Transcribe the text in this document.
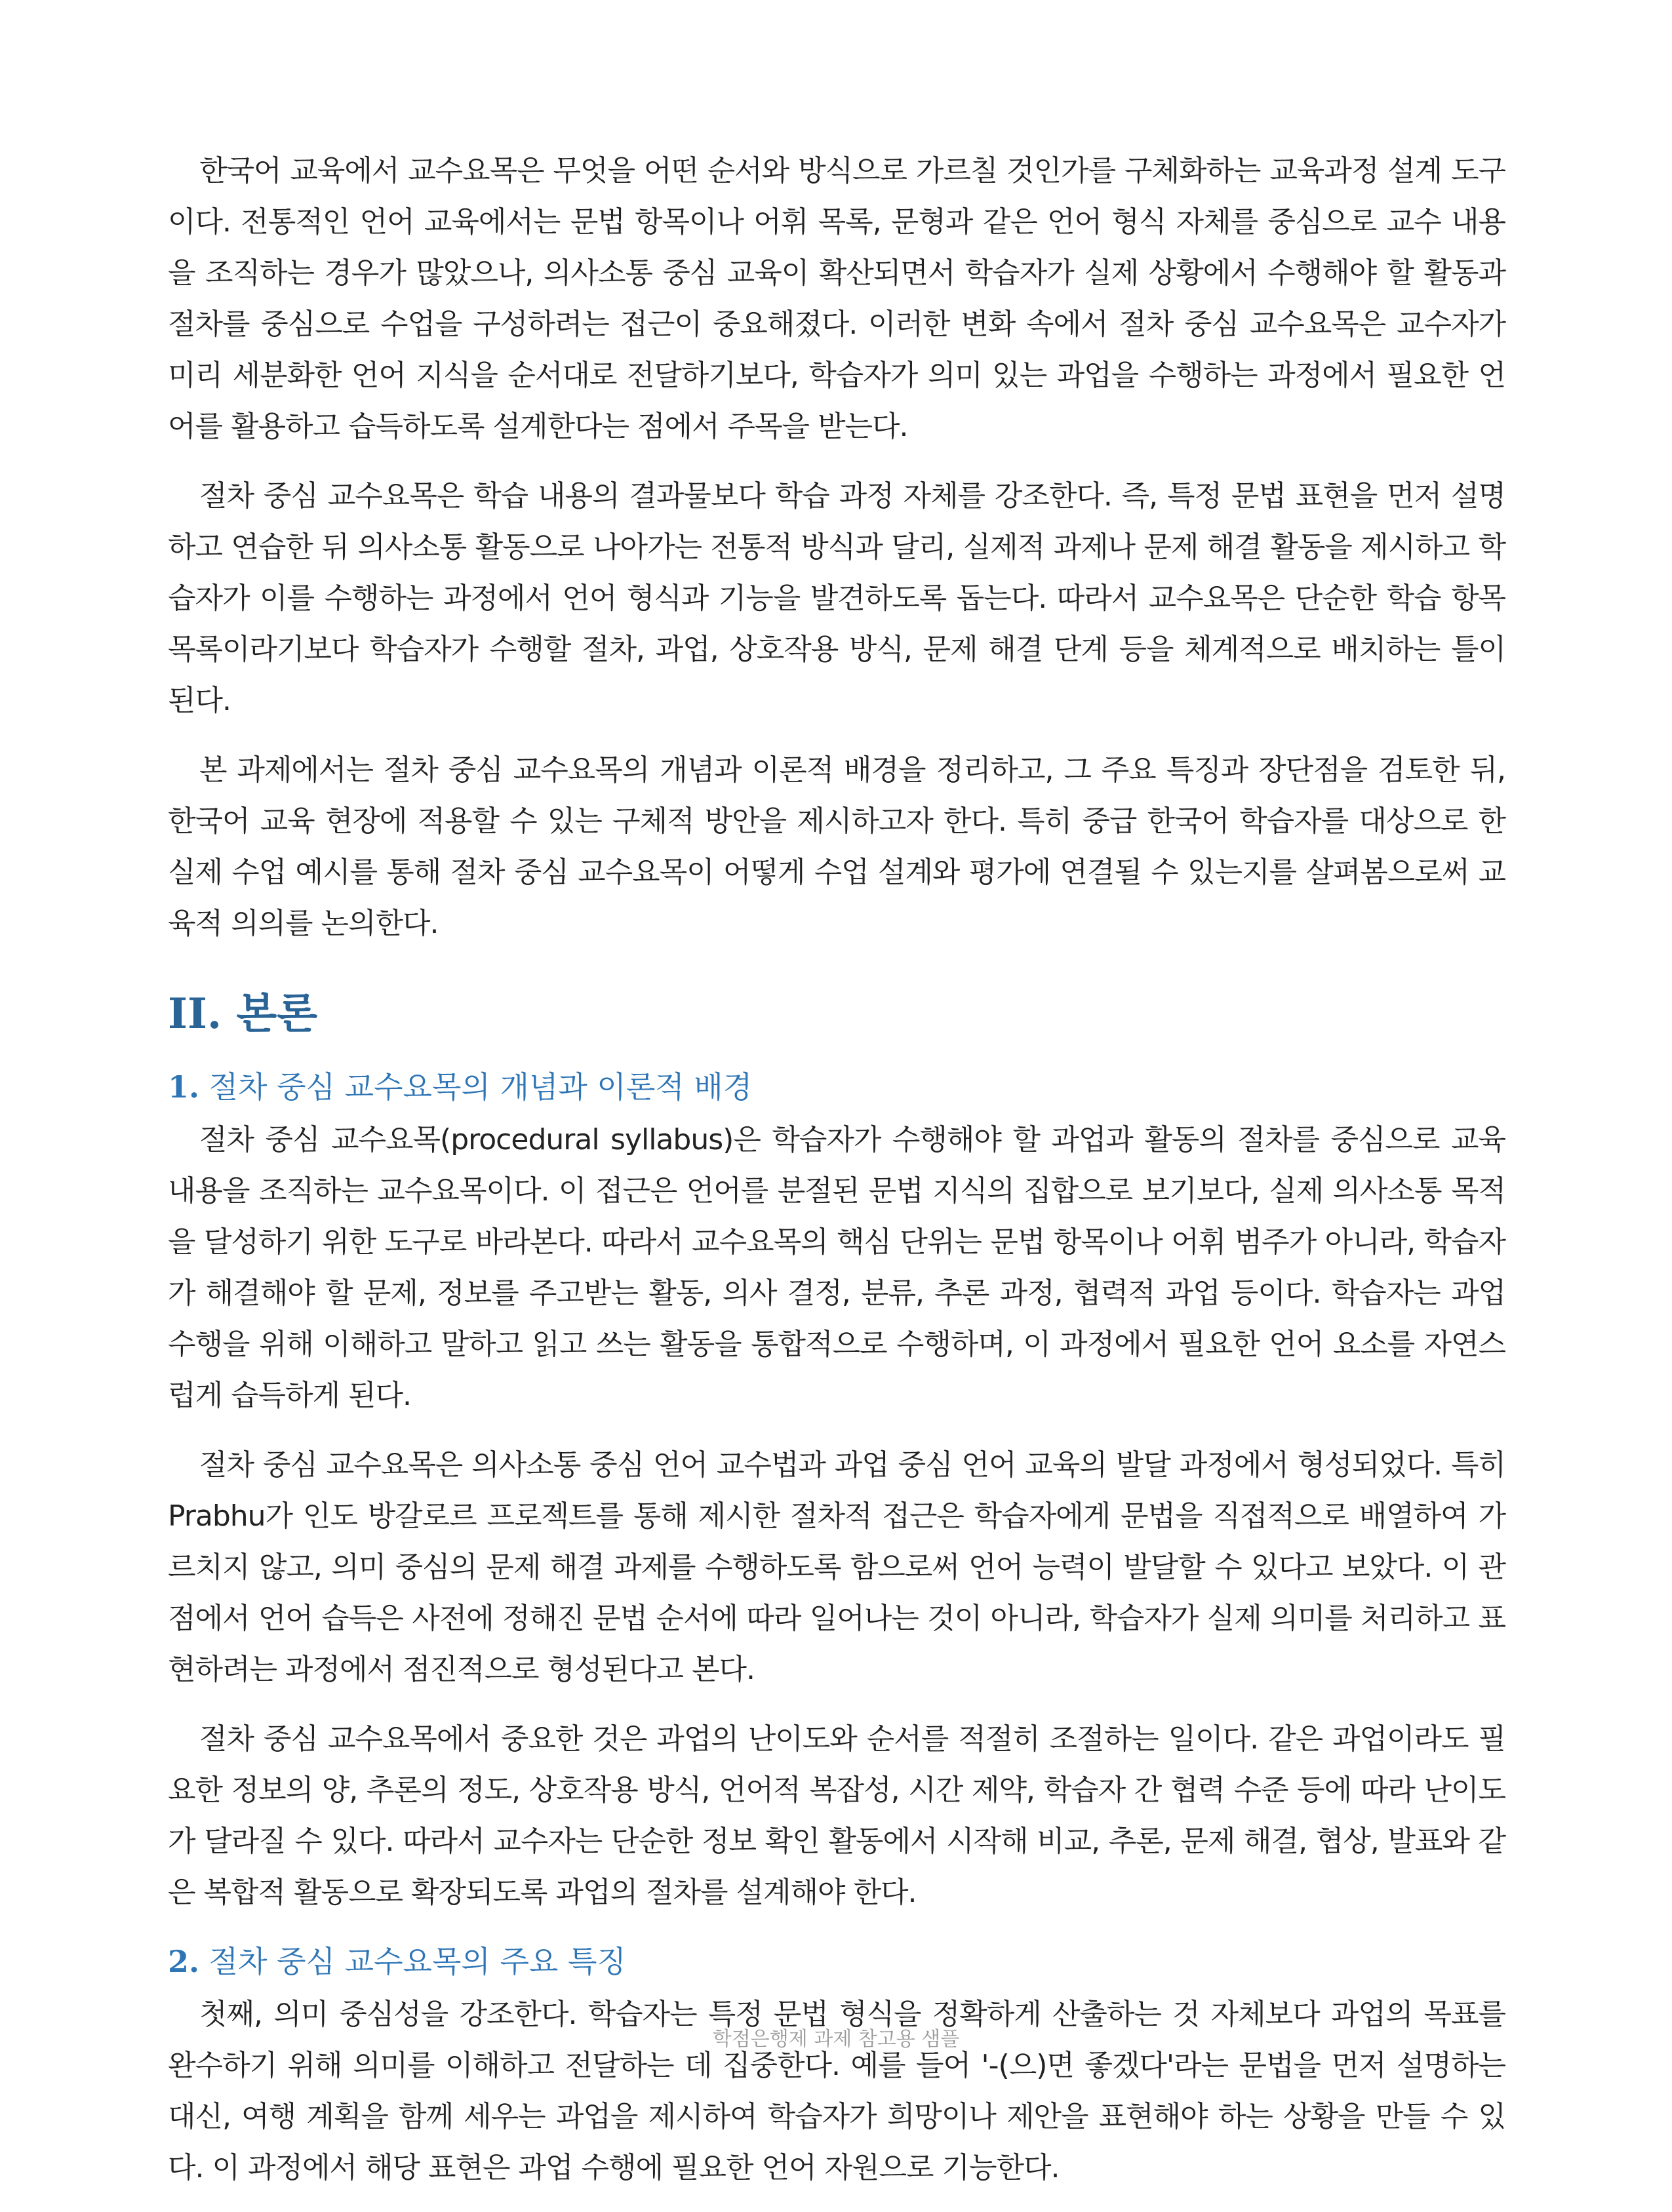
한국어 교육에서 교수요목은 무엇을 어떤 순서와 방식으로 가르칠 것인가를 구체화하는 교육과정 설계 도구이다. 전통적인 언어 교육에서는 문법 항목이나 어휘 목록, 문형과 같은 언어 형식 자체를 중심으로 교수 내용을 조직하는 경우가 많았으나, 의사소통 중심 교육이 확산되면서 학습자가 실제 상황에서 수행해야 할 활동과 절차를 중심으로 수업을 구성하려는 접근이 중요해졌다. 이러한 변화 속에서 절차 중심 교수요목은 교수자가 미리 세분화한 언어 지식을 순서대로 전달하기보다, 학습자가 의미 있는 과업을 수행하는 과정에서 필요한 언어를 활용하고 습득하도록 설계한다는 점에서 주목을 받는다.

절차 중심 교수요목은 학습 내용의 결과물보다 학습 과정 자체를 강조한다. 즉, 특정 문법 표현을 먼저 설명하고 연습한 뒤 의사소통 활동으로 나아가는 전통적 방식과 달리, 실제적 과제나 문제 해결 활동을 제시하고 학습자가 이를 수행하는 과정에서 언어 형식과 기능을 발견하도록 돕는다. 따라서 교수요목은 단순한 학습 항목 목록이라기보다 학습자가 수행할 절차, 과업, 상호작용 방식, 문제 해결 단계 등을 체계적으로 배치하는 틀이 된다.

본 과제에서는 절차 중심 교수요목의 개념과 이론적 배경을 정리하고, 그 주요 특징과 장단점을 검토한 뒤, 한국어 교육 현장에 적용할 수 있는 구체적 방안을 제시하고자 한다. 특히 중급 한국어 학습자를 대상으로 한 실제 수업 예시를 통해 절차 중심 교수요목이 어떻게 수업 설계와 평가에 연결될 수 있는지를 살펴봄으로써 교육적 의의를 논의한다.

II. 본론
1. 절차 중심 교수요목의 개념과 이론적 배경

절차 중심 교수요목(procedural syllabus)은 학습자가 수행해야 할 과업과 활동의 절차를 중심으로 교육 내용을 조직하는 교수요목이다. 이 접근은 언어를 분절된 문법 지식의 집합으로 보기보다, 실제 의사소통 목적을 달성하기 위한 도구로 바라본다. 따라서 교수요목의 핵심 단위는 문법 항목이나 어휘 범주가 아니라, 학습자가 해결해야 할 문제, 정보를 주고받는 활동, 의사 결정, 분류, 추론 과정, 협력적 과업 등이다. 학습자는 과업 수행을 위해 이해하고 말하고 읽고 쓰는 활동을 통합적으로 수행하며, 이 과정에서 필요한 언어 요소를 자연스럽게 습득하게 된다.

절차 중심 교수요목은 의사소통 중심 언어 교수법과 과업 중심 언어 교육의 발달 과정에서 형성되었다. 특히 Prabhu가 인도 방갈로르 프로젝트를 통해 제시한 절차적 접근은 학습자에게 문법을 직접적으로 배열하여 가르치지 않고, 의미 중심의 문제 해결 과제를 수행하도록 함으로써 언어 능력이 발달할 수 있다고 보았다. 이 관점에서 언어 습득은 사전에 정해진 문법 순서에 따라 일어나는 것이 아니라, 학습자가 실제 의미를 처리하고 표현하려는 과정에서 점진적으로 형성된다고 본다.

절차 중심 교수요목에서 중요한 것은 과업의 난이도와 순서를 적절히 조절하는 일이다. 같은 과업이라도 필요한 정보의 양, 추론의 정도, 상호작용 방식, 언어적 복잡성, 시간 제약, 학습자 간 협력 수준 등에 따라 난이도가 달라질 수 있다. 따라서 교수자는 단순한 정보 확인 활동에서 시작해 비교, 추론, 문제 해결, 협상, 발표와 같은 복합적 활동으로 확장되도록 과업의 절차를 설계해야 한다.

2. 절차 중심 교수요목의 주요 특징

첫째, 의미 중심성을 강조한다. 학습자는 특정 문법 형식을 정확하게 산출하는 것 자체보다 과업의 목표를 완수하기 위해 의미를 이해하고 전달하는 데 집중한다. 예를 들어 '-(으)면 좋겠다'라는 문법을 먼저 설명하는 대신, 여행 계획을 함께 세우는 과업을 제시하여 학습자가 희망이나 제안을 표현해야 하는 상황을 만들 수 있다. 이 과정에서 해당 표현은 과업 수행에 필요한 언어 자원으로 기능한다.

학점은행제 과제 참고용 샘플
